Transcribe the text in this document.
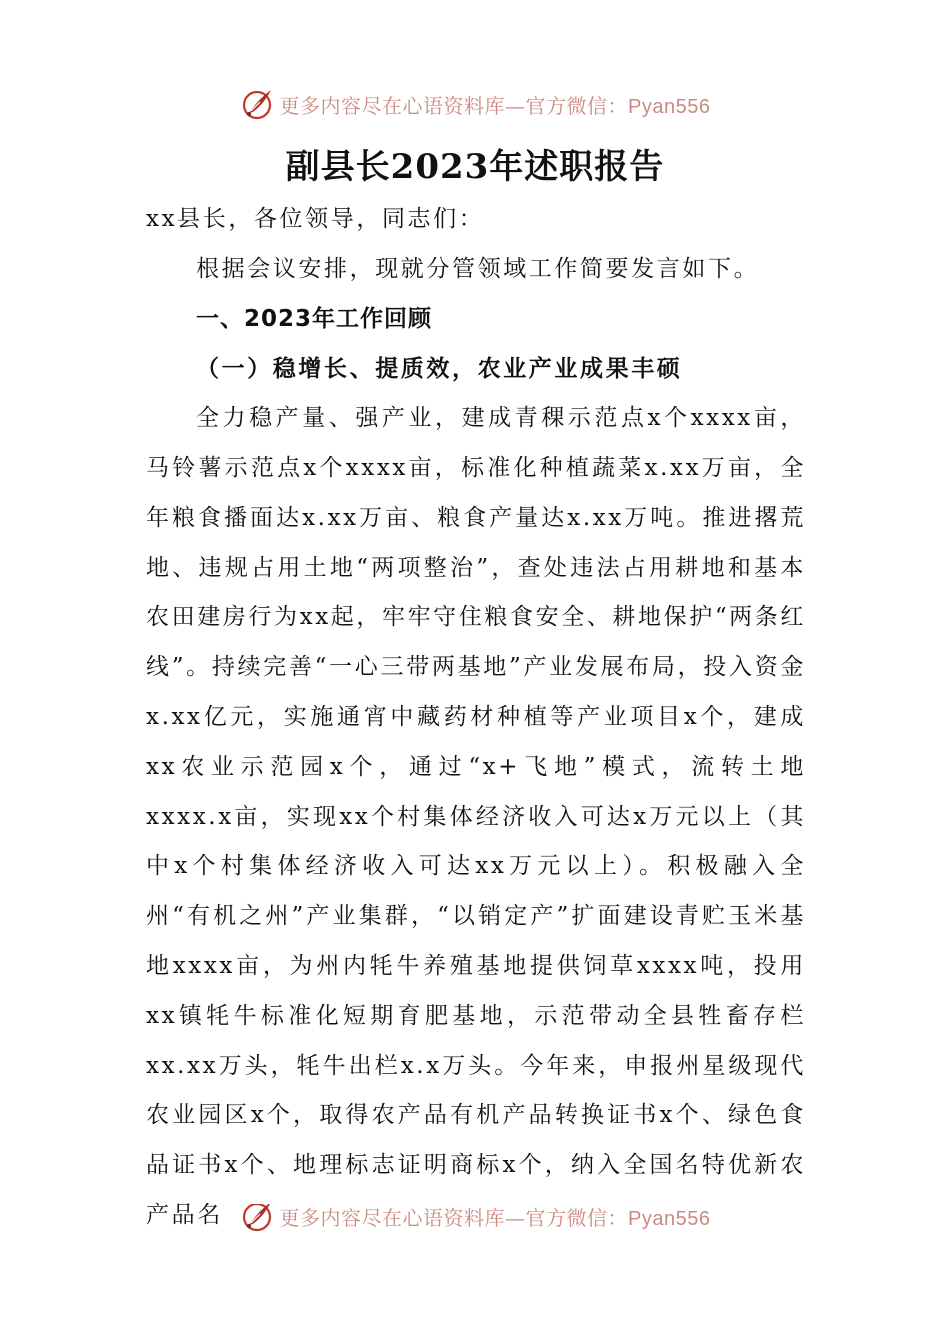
更多内容尽在心语资料库—官方微信：Pyan556
副县长2023年述职报告

xx县长，各位领导，同志们：

根据会议安排，现就分管领域工作简要发言如下。

一、2023年工作回顾

（一）稳增长、提质效，农业产业成果丰硕

全力稳产量、强产业，建成青稞示范点x个xxxx亩，马铃薯示范点x个xxxx亩，标准化种植蔬菜x.xx万亩，全年粮食播面达x.xx万亩、粮食产量达x.xx万吨。推进撂荒地、违规占用土地“两项整治”，查处违法占用耕地和基本农田建房行为xx起，牢牢守住粮食安全、耕地保护“两条红线”。持续完善“一心三带两基地”产业发展布局，投入资金x.xx亿元，实施通宵中藏药材种植等产业项目x个，建成xx农业示范园x个，通过“x+飞地”模式，流转土地xxxx.x亩，实现xx个村集体经济收入可达x万元以上（其中x个村集体经济收入可达xx万元以上）。积极融入全州“有机之州”产业集群，“以销定产”扩面建设青贮玉米基地xxxx亩，为州内牦牛养殖基地提供饲草xxxx吨，投用xx镇牦牛标准化短期育肥基地，示范带动全县牲畜存栏xx.xx万头，牦牛出栏x.x万头。今年来，申报州星级现代农业园区x个，取得农产品有机产品转换证书x个、绿色食品证书x个、地理标志证明商标x个，纳入全国名特优新农产品名	更多内容尽在心语资料库—官方微信：Pyan556
